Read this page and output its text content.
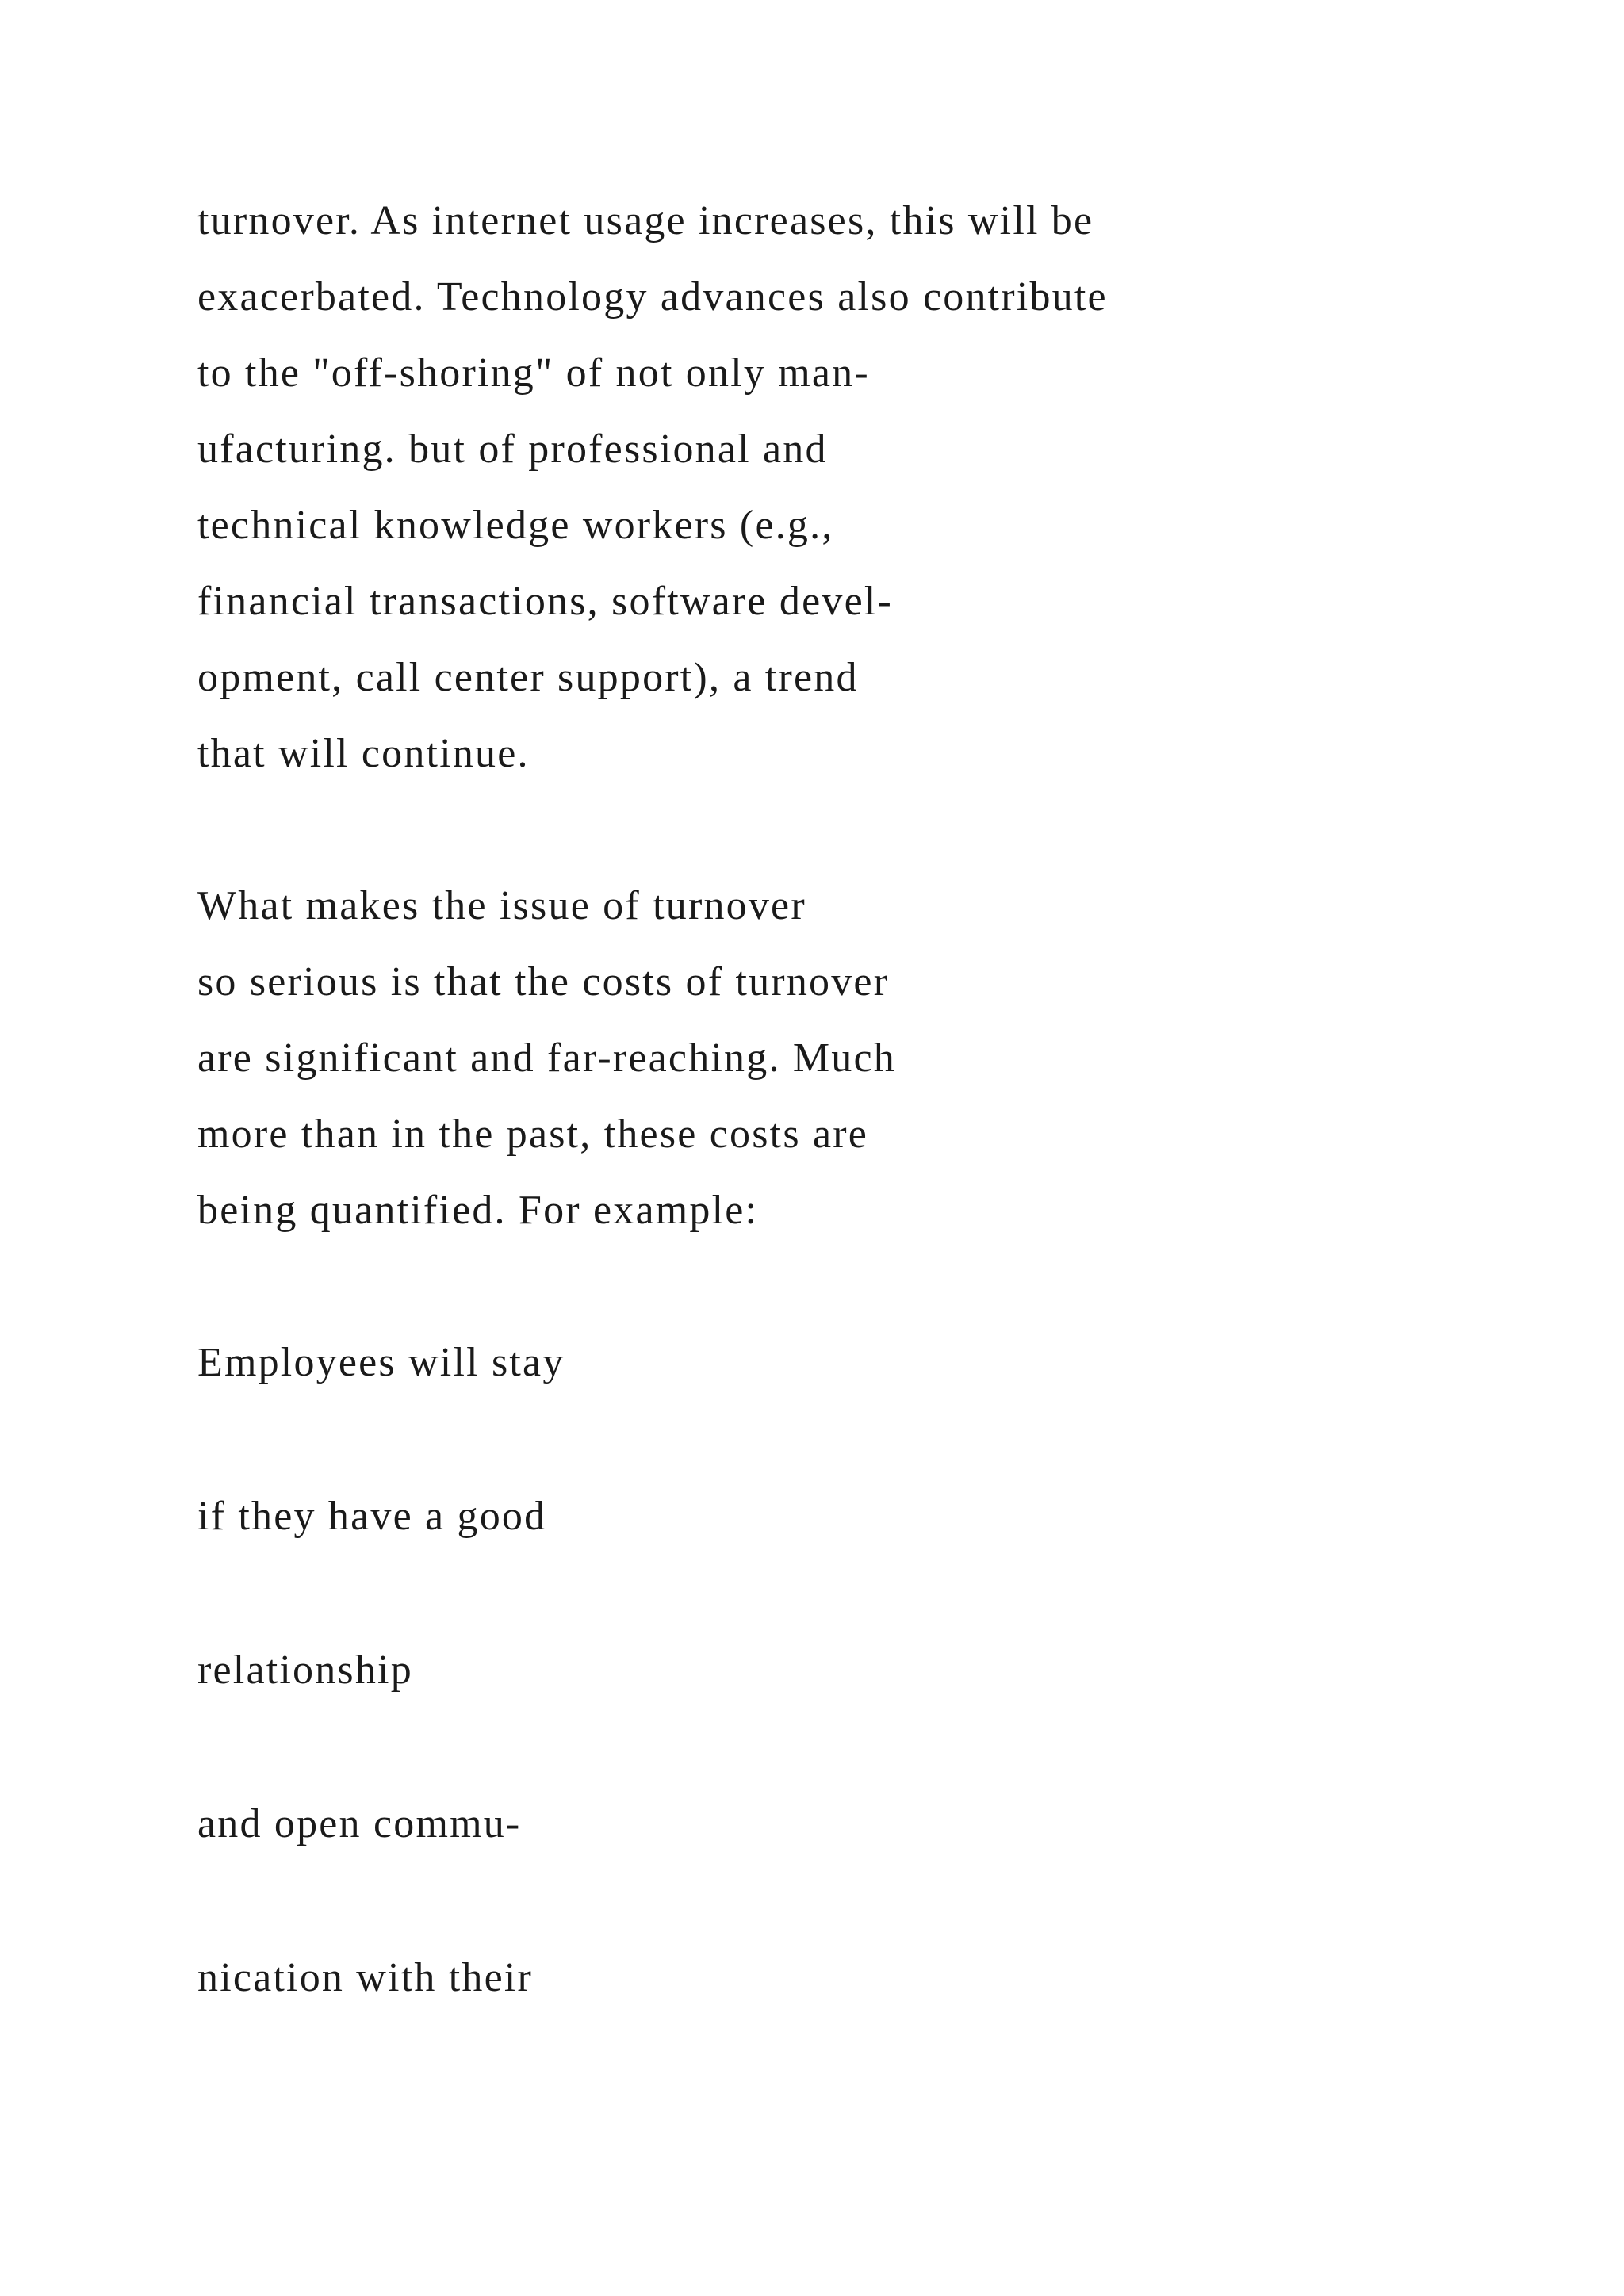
turnover. As internet usage increases, this will be

exacerbated. Technology advances also contribute

to the "off-shoring" of not only man-

ufacturing. but of professional and

technical knowledge workers (e.g.,

financial transactions, software devel-

opment, call center support), a trend

that will continue.

What makes the issue of turnover

so serious is that the costs of turnover

are significant and far-reaching. Much

more than in the past, these costs are

being quantified. For example:

Employees will stay

if they have a good

relationship

and open commu-

nication with their
